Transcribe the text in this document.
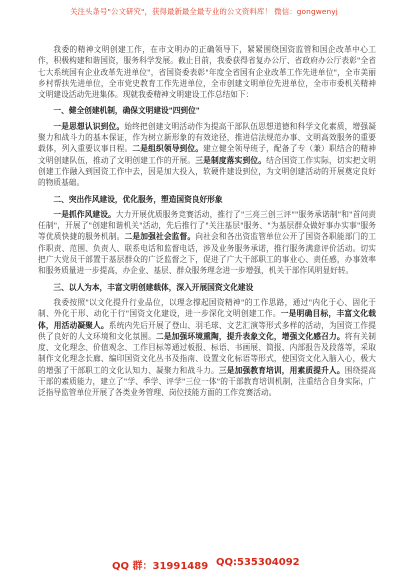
关注头条号"公文研究"，获得最新最全最专业的公文资料库！ 微信：gongwenyj

我委的精神文明创建工作，在市文明办的正确领导下，紧紧围绕国资监管和国企改革中心工作，积极构建和谐国资，服务科学发展。截止目前，我委获得省复办公厅、省政府办公厅表彰"全省七大系统国有企业改革先进单位"，省国资委表彰"年度全省国有企业改革工作先进单位"，全市美丽乡村帮扶先进单位，全市党史教育工作先进单位，全市创建文明单位先进单位，全市市委机关精神文明建设活动先进集体。现就我委精神文明建设工作总结如下：

一、健全创建机制，确保文明建设"四到位"

一是思想认识到位。始终把创建文明活动作为提高干部队伍思想道德和科学文化素质，增强凝聚力和战斗力的基本保证，作为树立新形象的有效途径，推进信法规范办事、文明高效服务的重要载体，列入重要议事日程。二是组织领导到位。建立健全领导班子，配备了专（兼）职结合的精神文明创建队伍，推动了文明创建工作的开展。三是制度落实到位。结合国资工作实际，切实把文明创建工作融入到国资工作中去，因是加大投入，软硬件建设到位，为文明创建活动的开展奠定良好的物质基础。

二、突出作风建设，优化服务，塑造国资良好形象

一是抓作风建设。大力开展优质服务竞赛活动，推行了"三亮三创三评""服务承诺制"和"首问责任制"，开展了"创建和谐机关"活动，先后推行了"关注基层"服务、"为基层群众做好事办实事"服务等优质快捷的服务机制。二是加强社会监督。向社会和各出资监管单位公开了国资各职能部门的工作职责、范围、负责人、联系电话和监督电话，涉及业务服务承诺，推行服务满意评价活动。切实把广大党员干部置于基层群众的广泛监督之下，促进了广大干部职工的事业心、责任感，办事效率和服务质量进一步提高，办企业、基层、群众服务理念进一步增强，机关干部作风明显好转。

三、以人为本，丰富文明创建载体，深入开展国资文化建设

我委按照"以文化提升行业品位，以理念撑起国资精神"的工作思路，通过"内化于心、固化于制、外化于形、动化于行"国资文化建设，进一步深化文明创建工作。一是明确目标，丰富文化载体，用活动凝聚人。系统内先后开展了登山、羽毛球、文艺汇演等形式多样的活动，为国资工作提供了良好的人文环境和文化氛围。二是加强环境熏陶，提升表象文化，增强文化感召力。将有关制度、文化理念、价值观念、工作目标等通过板报、标语、书画展、简报、内部报告及段落等，采取制作文化理念长廊、编印国资文化丛书及指南、设置文化标语等形式，使国资文化入脑入心，极大的增强了干部职工的文化认知力、凝聚力和战斗力。三是加强教育培训，用素质提升人。围绕提高干部的素质能力，建立了"学、季学、评学"三位一体"的干部教育培训机制，注重结合自身实际，广泛指导监管单位开展了各类业务管理、岗位技能方面的工作竞赛活动。

QQ 群：31991489 QQ:535304092
